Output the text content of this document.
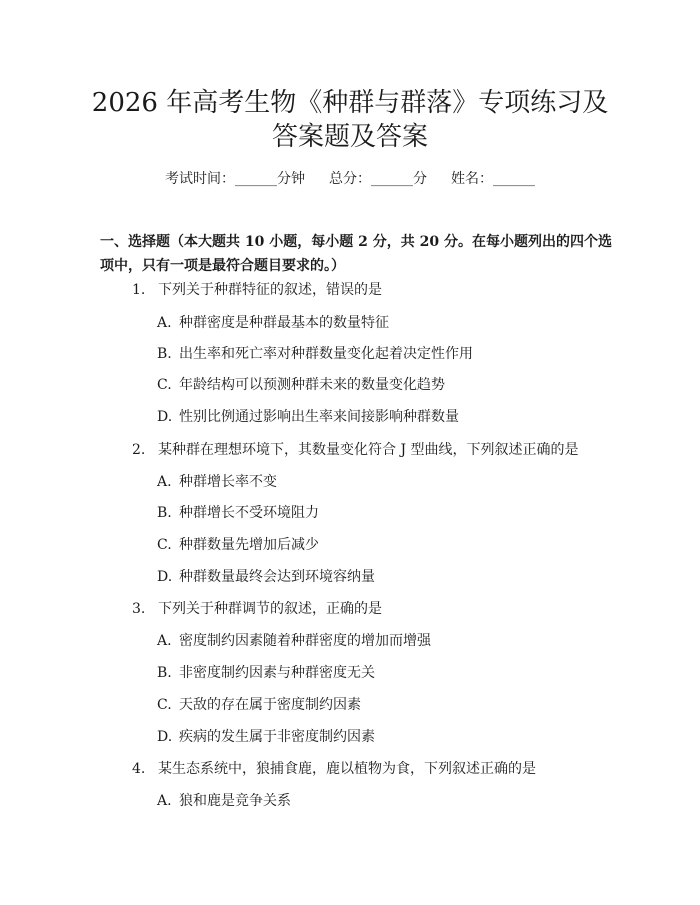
2026 年高考生物《种群与群落》专项练习及
答案题及答案
考试时间：______分钟 总分：______分 姓名：______
一、选择题（本大题共 10 小题，每小题 2 分，共 20 分。在每小题列出的四个选
项中，只有一项是最符合题目要求的。）
1. 下列关于种群特征的叙述，错误的是
A. 种群密度是种群最基本的数量特征
B. 出生率和死亡率对种群数量变化起着决定性作用
C. 年龄结构可以预测种群未来的数量变化趋势
D. 性别比例通过影响出生率来间接影响种群数量
2. 某种群在理想环境下，其数量变化符合 J 型曲线，下列叙述正确的是
A. 种群增长率不变
B. 种群增长不受环境阻力
C. 种群数量先增加后减少
D. 种群数量最终会达到环境容纳量
3. 下列关于种群调节的叙述，正确的是
A. 密度制约因素随着种群密度的增加而增强
B. 非密度制约因素与种群密度无关
C. 天敌的存在属于密度制约因素
D. 疾病的发生属于非密度制约因素
4. 某生态系统中，狼捕食鹿，鹿以植物为食，下列叙述正确的是
A. 狼和鹿是竞争关系
